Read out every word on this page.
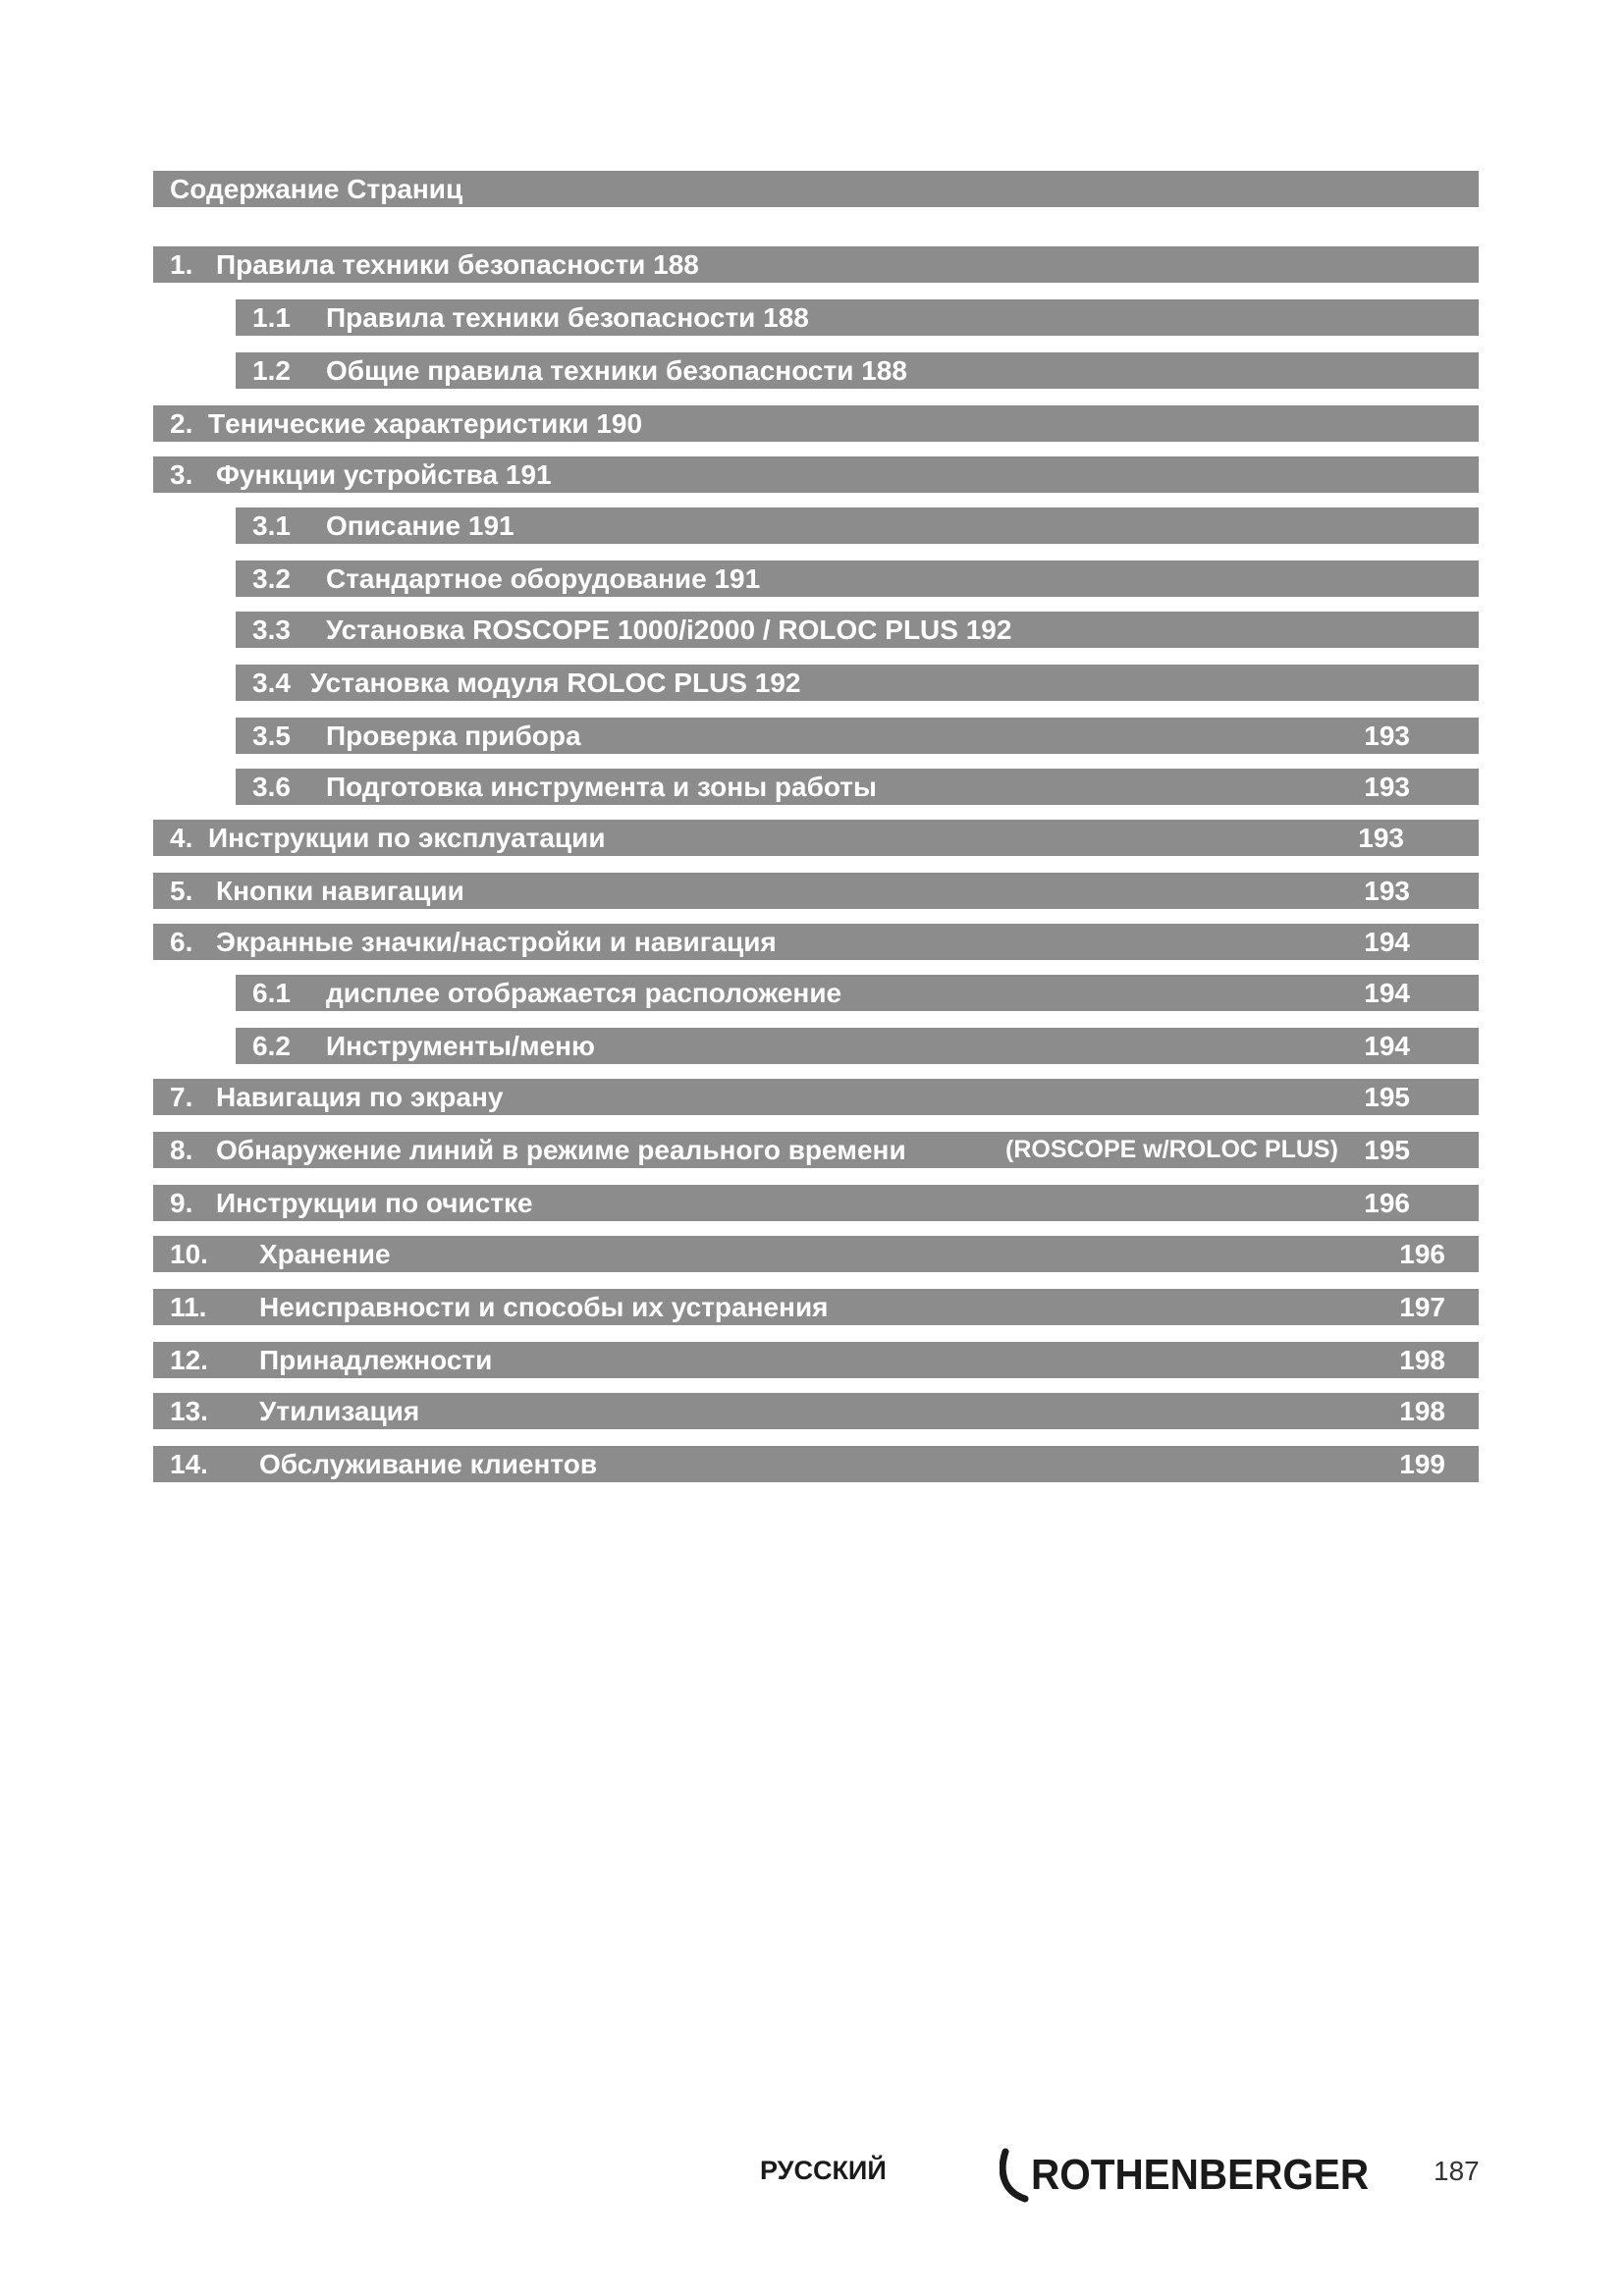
Содержание Страниц
1. Правила техники безопасности 188
1.1 Правила техники безопасности 188
1.2 Общие правила техники безопасности 188
2. Tенические характеристики 190
3. Функции устройства 191
3.1 Описание 191
3.2 Стандартное оборудование 191
3.3 Установка ROSCOPE 1000/i2000 / ROLOC PLUS 192
3.4 Установка модуля ROLOC PLUS 192
3.5 Проверка прибора	193
3.6 Подготовка инструмента и зоны работы	193
4. Инструкции по эксплуатации	193
5. Кнопки навигации	193
6. Экранные значки/настройки и навигация	194
6.1 дисплее отображается расположение	194
6.2 Инструменты/меню	194
7. Навигация по экрану	195
8. Обнаружение линий в режиме реального времени	(ROSCOPE w/ROLOC PLUS) 195
9. Инструкции по очистке	196
10. Хранение	196
11. Неисправности и способы их устранения	197
12. Принадлежности	198
13. Утилизация	198
14. Обслуживание клиентов	199
РУССКИЙ	ROTHENBERGER 187
